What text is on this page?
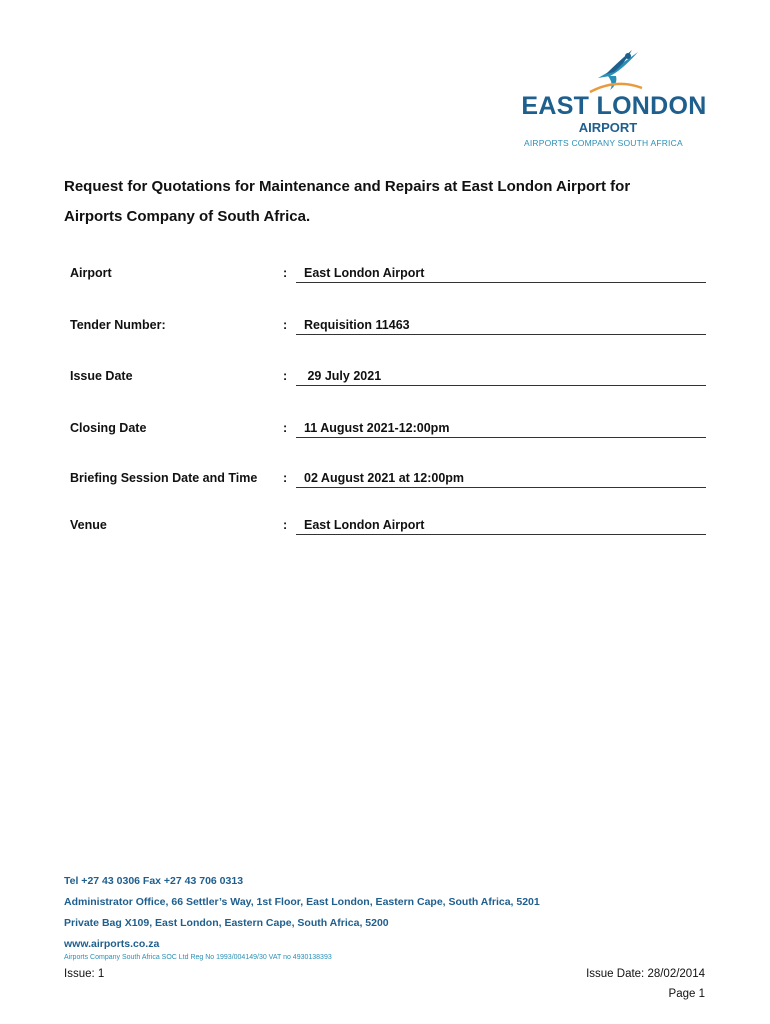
EAST LONDON
AIRPORT
AIRPORTS COMPANY SOUTH AFRICA
Request for Quotations for Maintenance and Repairs at East London Airport for
Airports Company of South Africa.
Airport	:	East London Airport
Tender Number:	:	Requisition 11463
Issue Date	:	29 July 2021
Closing Date	:	11 August 2021-12:00pm
Briefing Session Date and Time :	02 August 2021 at 12:00pm
Venue	:	East London Airport
Tel +27 43 0306 Fax +27 43 706 0313
Administrator Office, 66 Settler’s Way, 1st Floor, East London, Eastern Cape, South Africa, 5201
Private Bag X109, East London, Eastern Cape, South Africa, 5200
www.airports.co.za
Airports Company South Africa SOC Ltd Reg No 1993/004149/30 VAT no 4930138393
Issue: 1	Issue Date: 28/02/2014
Page 1
